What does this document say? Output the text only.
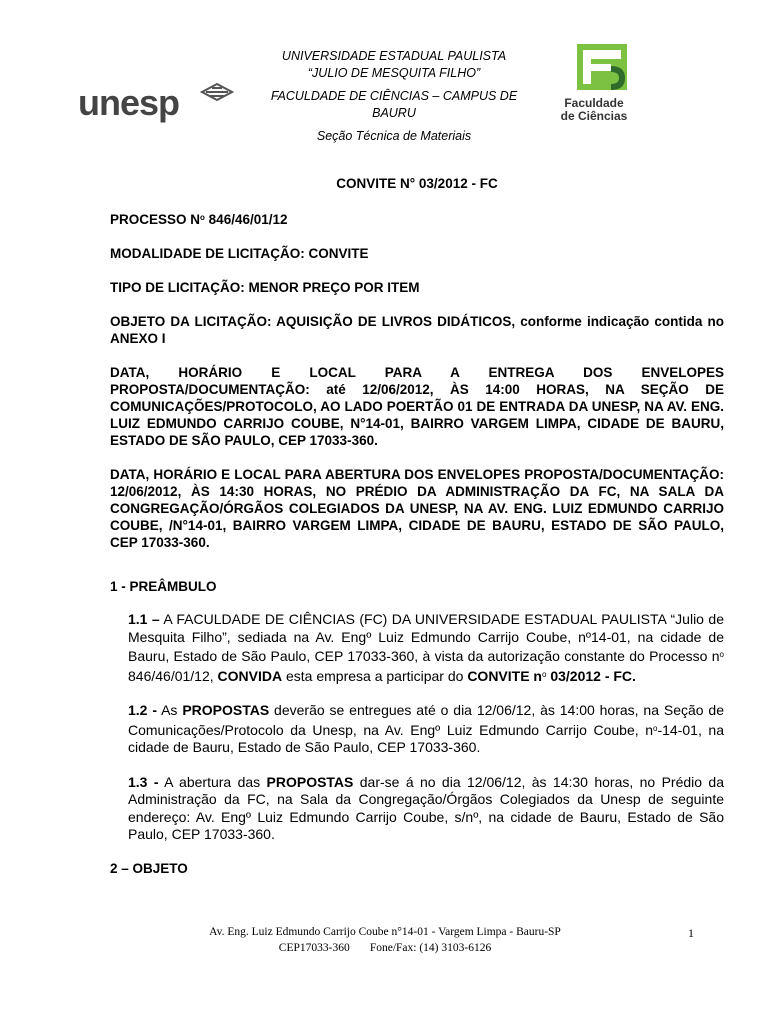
unesp
UNIVERSIDADE ESTADUAL PAULISTA
“JULIO DE MESQUITA FILHO”
FACULDADE DE CIÊNCIAS – CAMPUS DE
BAURU
Seção Técnica de Materiais
Faculdade
de Ciências
CONVITE N° 03/2012 - FC
PROCESSO $N^o$ 846/46/01/12
MODALIDADE DE LICITAÇÃO: CONVITE
TIPO DE LICITAÇÃO: MENOR PREÇO POR ITEM
OBJETO DA LICITAÇÃO: AQUISIÇÃO DE LIVROS DIDÁTICOS, conforme indicação contida no ANEXO I
DATA, HORÁRIO E LOCAL PARA A ENTREGA DOS ENVELOPES PROPOSTA/DOCUMENTAÇÃO: até 12/06/2012, ÀS 14:00 HORAS, NA SEÇÃO DE COMUNICAÇÕES/PROTOCOLO, AO LADO POERTÃO 01 DE ENTRADA DA UNESP, NA AV. ENG. LUIZ EDMUNDO CARRIJO COUBE, N°14-01, BAIRRO VARGEM LIMPA, CIDADE DE BAURU, ESTADO DE SÃO PAULO, CEP 17033-360.
DATA, HORÁRIO E LOCAL PARA ABERTURA DOS ENVELOPES PROPOSTA/DOCUMENTAÇÃO: 12/06/2012, ÀS 14:30 HORAS, NO PRÉDIO DA ADMINISTRAÇÃO DA FC, NA SALA DA CONGREGAÇÃO/ÓRGÃOS COLEGIADOS DA UNESP, NA AV. ENG. LUIZ EDMUNDO CARRIJO COUBE, /N°14-01, BAIRRO VARGEM LIMPA, CIDADE DE BAURU, ESTADO DE SÃO PAULO, CEP 17033-360.
1 - PREÂMBULO
1.1 – A FACULDADE DE CIÊNCIAS (FC) DA UNIVERSIDADE ESTADUAL PAULISTA “Julio de Mesquita Filho”, sediada na Av. Engº Luiz Edmundo Carrijo Coube, nº14-01, na cidade de Bauru, Estado de São Paulo, CEP 17033-360, à vista da autorização constante do Processo $n^o$ 846/46/01/12, CONVIDA esta empresa a participar do CONVITE $n^o$ 03/2012 - FC.
1.2 - As PROPOSTAS deverão se entregues até o dia 12/06/12, às 14:00 horas, na Seção de Comunicações/Protocolo da Unesp, na Av. Engº Luiz Edmundo Carrijo Coube, $n^o-14-01$, na cidade de Bauru, Estado de São Paulo, CEP 17033-360.
1.3 - A abertura das PROPOSTAS dar-se á no dia 12/06/12, às 14:30 horas, no Prédio da Administração da FC, na Sala da Congregação/Órgãos Colegiados da Unesp de seguinte endereço: Av. Engº Luiz Edmundo Carrijo Coube, s/nº, na cidade de Bauru, Estado de São Paulo, CEP 17033-360.
2 – OBJETO
Av. Eng. Luiz Edmundo Carrijo Coube n°14-01 - Vargem Limpa - Bauru-SP
CEP17033-360 Fone/Fax: (14) 3103-6126
1
